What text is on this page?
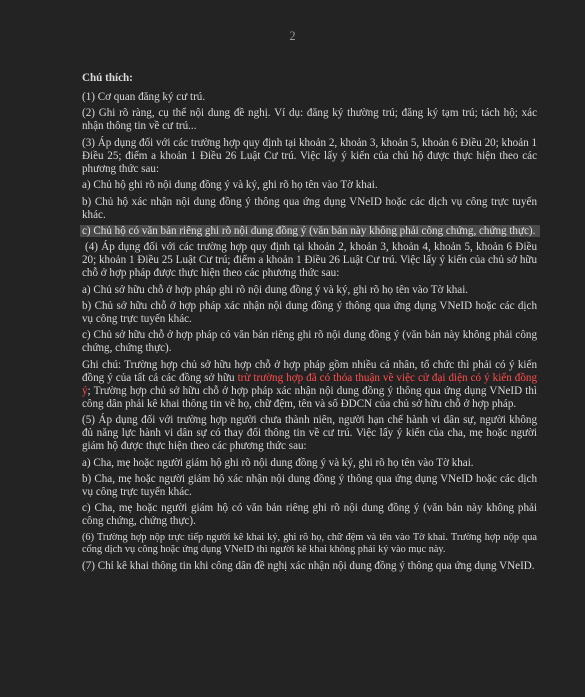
2
Chú thích:

(1) Cơ quan đăng ký cư trú.

(2) Ghi rõ ràng, cụ thể nội dung đề nghị. Ví dụ: đăng ký thường trú; đăng ký tạm trú; tách hộ; xác nhận thông tin về cư trú...

(3) Áp dụng đối với các trường hợp quy định tại khoản 2, khoản 3, khoản 5, khoản 6 Điều 20; khoản 1 Điều 25; điểm a khoản 1 Điều 26 Luật Cư trú. Việc lấy ý kiến của chủ hộ được thực hiện theo các phương thức sau:

a) Chủ hộ ghi rõ nội dung đồng ý và ký, ghi rõ họ tên vào Tờ khai.

b) Chủ hộ xác nhận nội dung đồng ý thông qua ứng dụng VNeID hoặc các dịch vụ công trực tuyến khác.

c) Chủ hộ có văn bản riêng ghi rõ nội dung đồng ý (văn bản này không phải công chứng, chứng thực).

(4) Áp dụng đối với các trường hợp quy định tại khoản 2, khoản 3, khoản 4, khoản 5, khoản 6 Điều 20; khoản 1 Điều 25 Luật Cư trú; điểm a khoản 1 Điều 26 Luật Cư trú. Việc lấy ý kiến của chủ sở hữu chỗ ở hợp pháp được thực hiện theo các phương thức sau:

a) Chủ sở hữu chỗ ở hợp pháp ghi rõ nội dung đồng ý và ký, ghi rõ họ tên vào Tờ khai.

b) Chủ sở hữu chỗ ở hợp pháp xác nhận nội dung đồng ý thông qua ứng dụng VNeID hoặc các dịch vụ công trực tuyến khác.

c) Chủ sở hữu chỗ ở hợp pháp có văn bản riêng ghi rõ nội dung đồng ý (văn bản này không phải công chứng, chứng thực).

Ghi chú: Trường hợp chủ sở hữu hợp chỗ ở hợp pháp gồm nhiều cá nhân, tổ chức thì phải có ý kiến đồng ý của tất cả các đồng sở hữu trừ trường hợp đã có thỏa thuận về việc cử đại diện có ý kiến đồng ý; Trường hợp chủ sở hữu chỗ ở hợp pháp xác nhận nội dung đồng ý thông qua ứng dụng VNeID thì công dân phải kê khai thông tin về họ, chữ đệm, tên và số ĐDCN của chủ sở hữu chỗ ở hợp pháp.

(5) Áp dụng đối với trường hợp người chưa thành niên, người hạn chế hành vi dân sự, người không đủ năng lực hành vi dân sự có thay đổi thông tin về cư trú. Việc lấy ý kiến của cha, mẹ hoặc người giám hộ được thực hiện theo các phương thức sau:

a) Cha, mẹ hoặc người giám hộ ghi rõ nội dung đồng ý và ký, ghi rõ họ tên vào Tờ khai.

b) Cha, mẹ hoặc người giám hộ xác nhận nội dung đồng ý thông qua ứng dụng VNeID hoặc các dịch vụ công trực tuyến khác.

c) Cha, mẹ hoặc người giám hộ có văn bản riêng ghi rõ nội dung đồng ý (văn bản này không phải công chứng, chứng thực).

(6) Trường hợp nộp trực tiếp người kê khai ký, ghi rõ họ, chữ đệm và tên vào Tờ khai. Trường hợp nộp qua cổng dịch vụ công hoặc ứng dụng VNeID thì người kê khai không phải ký vào mục này.

(7) Chỉ kê khai thông tin khi công dân đề nghị xác nhận nội dung đồng ý thông qua ứng dụng VNeID.
